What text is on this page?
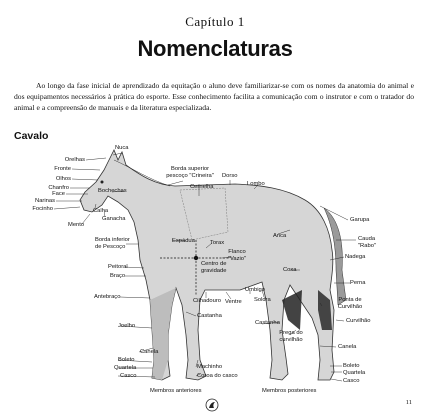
Capítulo 1
Nomenclaturas
Ao longo da fase inicial de aprendizado da equitação o aluno deve familiarizar-se com os nomes da anatomia do animal e dos equipamentos necessários à prática do esporte. Esse conhecimento facilita a comunicação com o instrutor e com o tratador do animal e a compreensão de manuais e da literatura especializada.
Cavalo
Nuca
Orelhas
Fronte
Olhos
Chanfro
Face
Narinas
Focinho
Bochechas
Calha
Ganacha
Mento
Borda superior
pescoço "Crineira"
Cernelha
Dorso
Lombo
Garupa
Cauda
"Rabo"
Borda inferior
de Pescoço
Espádua	Torax
Flanco
"Vazio"
Anca
Centro de
gravidade
Nadega
Peitoral
Braço
Coxa
Umbigo
Perna
Antebraço
Cilhadouro Ventre Soldra	Ponta de
Curvilhão
Castanha
Curvilhão
Joelho	Castanha
Prega do
curvilhão
Canela
Canela
Boleto
Quartela
Casco
Machinho
Coroa do casco
Boleto
Quartela
Casco
Membros anteriores	Membros posteriores
11
